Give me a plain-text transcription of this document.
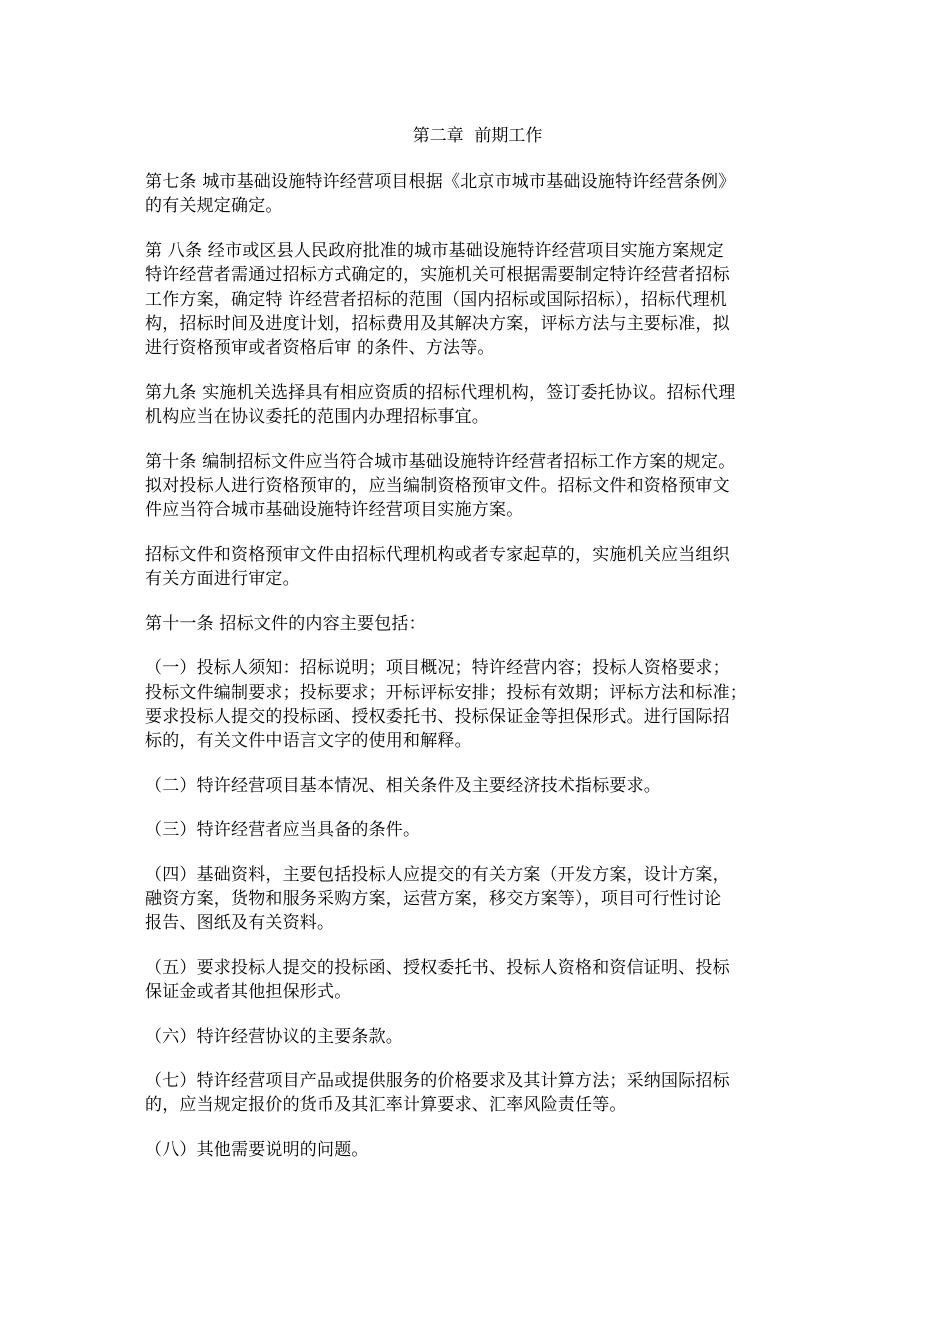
第二章  前期工作

第七条 城市基础设施特许经营项目根据《北京市城市基础设施特许经营条例》
的有关规定确定。

第 八条 经市或区县人民政府批准的城市基础设施特许经营项目实施方案规定
特许经营者需通过招标方式确定的，实施机关可根据需要制定特许经营者招标
工作方案，确定特 许经营者招标的范围（国内招标或国际招标），招标代理机
构，招标时间及进度计划，招标费用及其解决方案，评标方法与主要标准，拟
进行资格预审或者资格后审 的条件、方法等。

第九条 实施机关选择具有相应资质的招标代理机构，签订委托协议。招标代理
机构应当在协议委托的范围内办理招标事宜。

第十条 编制招标文件应当符合城市基础设施特许经营者招标工作方案的规定。
拟对投标人进行资格预审的，应当编制资格预审文件。招标文件和资格预审文
件应当符合城市基础设施特许经营项目实施方案。

招标文件和资格预审文件由招标代理机构或者专家起草的，实施机关应当组织
有关方面进行审定。

第十一条 招标文件的内容主要包括：

（一）投标人须知：招标说明；项目概况；特许经营内容；投标人资格要求；
投标文件编制要求；投标要求；开标评标安排；投标有效期；评标方法和标准；
要求投标人提交的投标函、授权委托书、投标保证金等担保形式。进行国际招
标的，有关文件中语言文字的使用和解释。

（二）特许经营项目基本情况、相关条件及主要经济技术指标要求。

（三）特许经营者应当具备的条件。

（四）基础资料，主要包括投标人应提交的有关方案（开发方案，设计方案，
融资方案，货物和服务采购方案，运营方案，移交方案等），项目可行性讨论
报告、图纸及有关资料。

（五）要求投标人提交的投标函、授权委托书、投标人资格和资信证明、投标
保证金或者其他担保形式。

（六）特许经营协议的主要条款。

（七）特许经营项目产品或提供服务的价格要求及其计算方法；采纳国际招标
的，应当规定报价的货币及其汇率计算要求、汇率风险责任等。

（八）其他需要说明的问题。
